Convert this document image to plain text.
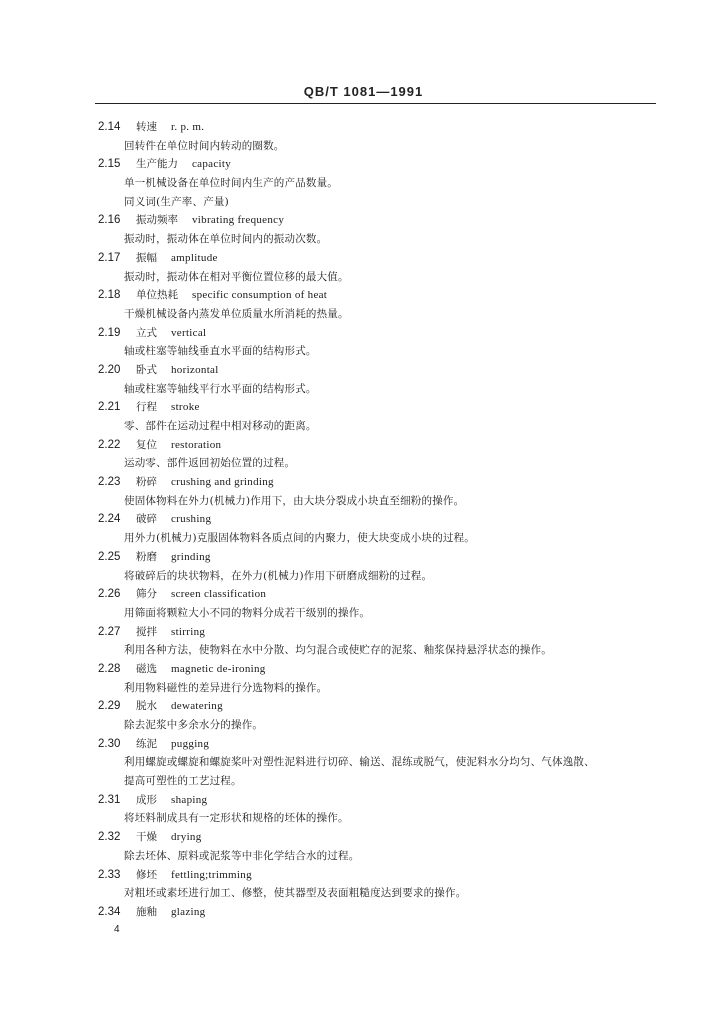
QB/T 1081—1991
2.14 转速 r. p. m.
回转件在单位时间内转动的圈数。
2.15 生产能力 capacity
单一机械设备在单位时间内生产的产品数量。
同义词(生产率、产量)
2.16 振动频率 vibrating frequency
振动时，振动体在单位时间内的振动次数。
2.17 振幅 amplitude
振动时，振动体在相对平衡位置位移的最大值。
2.18 单位热耗 specific consumption of heat
干燥机械设备内蒸发单位质量水所消耗的热量。
2.19 立式 vertical
轴或柱塞等轴线垂直水平面的结构形式。
2.20 卧式 horizontal
轴或柱塞等轴线平行水平面的结构形式。
2.21 行程 stroke
零、部件在运动过程中相对移动的距离。
2.22 复位 restoration
运动零、部件返回初始位置的过程。
2.23 粉碎 crushing and grinding
使固体物料在外力(机械力)作用下，由大块分裂成小块直至细粉的操作。
2.24 破碎 crushing
用外力(机械力)克服固体物料各质点间的内聚力，使大块变成小块的过程。
2.25 粉磨 grinding
将破碎后的块状物料，在外力(机械力)作用下研磨成细粉的过程。
2.26 筛分 screen classification
用筛面将颗粒大小不同的物料分成若干级别的操作。
2.27 搅拌 stirring
利用各种方法，使物料在水中分散、均匀混合或使贮存的泥浆、釉浆保持悬浮状态的操作。
2.28 磁选 magnetic de-ironing
利用物料磁性的差异进行分选物料的操作。
2.29 脱水 dewatering
除去泥浆中多余水分的操作。
2.30 练泥 pugging
利用螺旋或螺旋和螺旋桨叶对塑性泥料进行切碎、输送、混练或脱气，使泥料水分均匀、气体逸散、
提高可塑性的工艺过程。
2.31 成形 shaping
将坯料制成具有一定形状和规格的坯体的操作。
2.32 干燥 drying
除去坯体、原料或泥浆等中非化学结合水的过程。
2.33 修坯 fettling;trimming
对粗坯或素坯进行加工、修整，使其器型及表面粗糙度达到要求的操作。
2.34 施釉 glazing
4
